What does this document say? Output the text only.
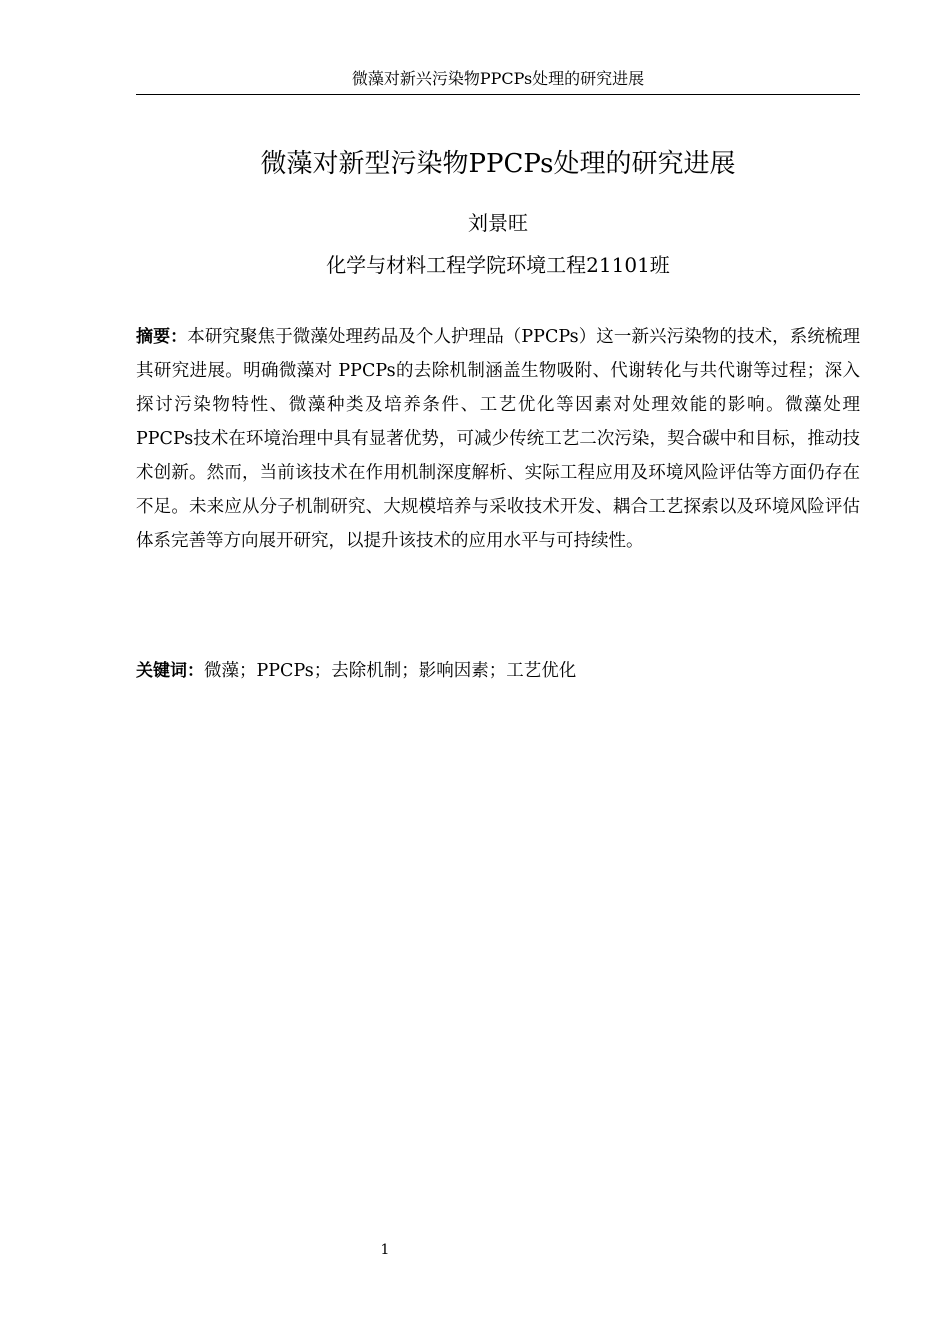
微藻对新兴污染物PPCPs处理的研究进展
微藻对新型污染物PPCPs处理的研究进展
刘景旺
化学与材料工程学院环境工程21101班

摘要：本研究聚焦于微藻处理药品及个人护理品（PPCPs）这一新兴污染物的技术，系统梳理其研究进展。明确微藻对 PPCPs的去除机制涵盖生物吸附、代谢转化与共代谢等过程；深入探讨污染物特性、微藻种类及培养条件、工艺优化等因素对处理效能的影响。微藻处理 PPCPs技术在环境治理中具有显著优势，可减少传统工艺二次污染，契合碳中和目标，推动技术创新。然而，当前该技术在作用机制深度解析、实际工程应用及环境风险评估等方面仍存在不足。未来应从分子机制研究、大规模培养与采收技术开发、耦合工艺探索以及环境风险评估体系完善等方向展开研究，以提升该技术的应用水平与可持续性。

关键词：微藻；PPCPs；去除机制；影响因素；工艺优化

1
